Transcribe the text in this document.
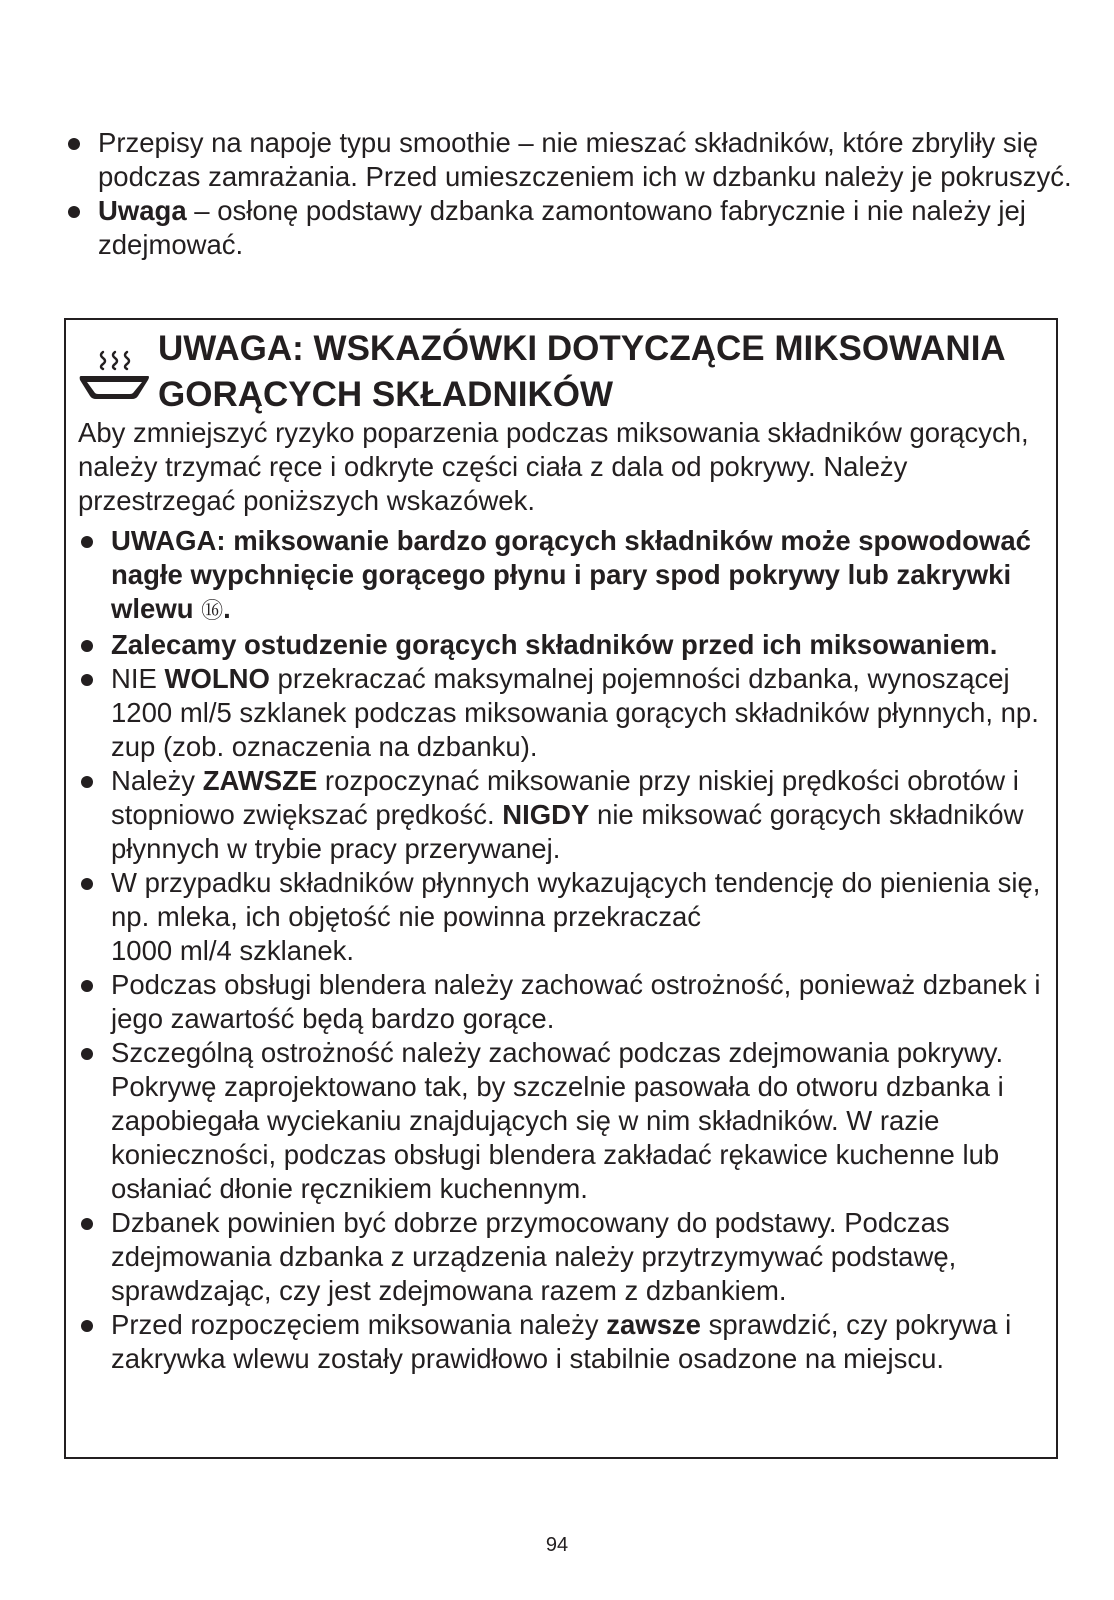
Przepisy na napoje typu smoothie – nie mieszać składników, które zbryliły się podczas zamrażania. Przed umieszczeniem ich w dzbanku należy je pokruszyć.
Uwaga – osłonę podstawy dzbanka zamontowano fabrycznie i nie należy jej zdejmować.
UWAGA: WSKAZÓWKI DOTYCZĄCE MIKSOWANIA
GORĄCYCH SKŁADNIKÓW

Aby zmniejszyć ryzyko poparzenia podczas miksowania składników gorących, należy trzymać ręce i odkryte części ciała z dala od pokrywy. Należy przestrzegać poniższych wskazówek.

UWAGA: miksowanie bardzo gorących składników może spowodować nagłe wypchnięcie gorącego płynu i pary spod pokrywy lub zakrywki wlewu ⑯.
Zalecamy ostudzenie gorących składników przed ich miksowaniem.
NIE WOLNO przekraczać maksymalnej pojemności dzbanka, wynoszącej 1200 ml/5 szklanek podczas miksowania gorących składników płynnych, np. zup (zob. oznaczenia na dzbanku).
Należy ZAWSZE rozpoczynać miksowanie przy niskiej prędkości obrotów i stopniowo zwiększać prędkość. NIGDY nie miksować gorących składników płynnych w trybie pracy przerywanej.
W przypadku składników płynnych wykazujących tendencję do pienienia się, np. mleka, ich objętość nie powinna przekraczać
1000 ml/4 szklanek.
Podczas obsługi blendera należy zachować ostrożność, ponieważ dzbanek i jego zawartość będą bardzo gorące.
Szczególną ostrożność należy zachować podczas zdejmowania pokrywy. Pokrywę zaprojektowano tak, by szczelnie pasowała do otworu dzbanka i zapobiegała wyciekaniu znajdujących się w nim składników. W razie konieczności, podczas obsługi blendera zakładać rękawice kuchenne lub osłaniać dłonie ręcznikiem kuchennym.
Dzbanek powinien być dobrze przymocowany do podstawy. Podczas zdejmowania dzbanka z urządzenia należy przytrzymywać podstawę, sprawdzając, czy jest zdejmowana razem z dzbankiem.
Przed rozpoczęciem miksowania należy zawsze sprawdzić, czy pokrywa i zakrywka wlewu zostały prawidłowo i stabilnie osadzone na miejscu.
94
